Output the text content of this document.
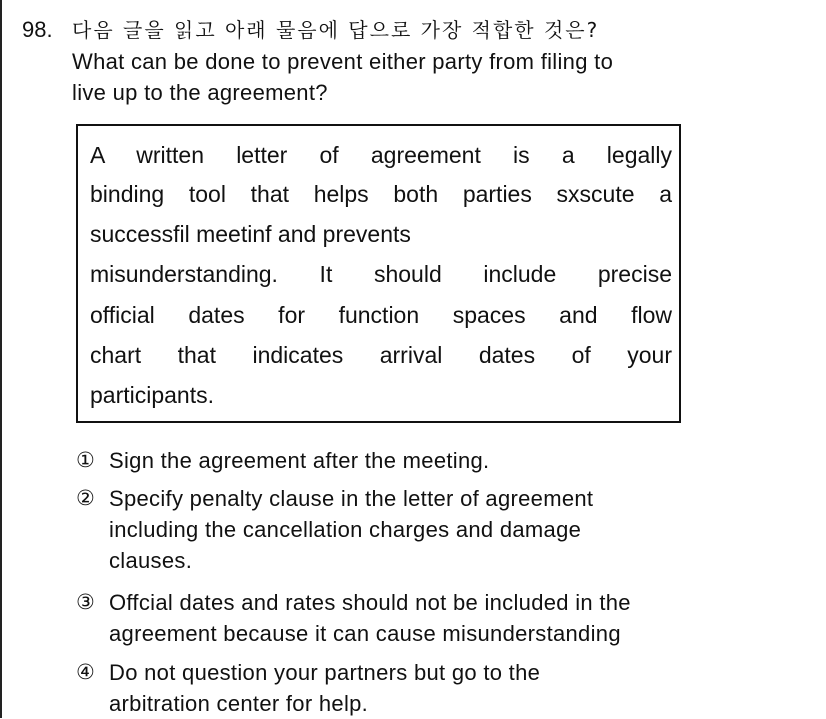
98. 다음 글을 읽고 아래 물음에 답으로 가장 적합한 것은?
What can be done to prevent either party from filing to
live up to the agreement?
A written letter of agreement is a legally
binding tool that helps both parties sxscute a
successfil meetinf and prevents
misunderstanding. It should include precise
official dates for function spaces and flow
chart that indicates arrival dates of your
participants.
① Sign the agreement after the meeting.
② Specify penalty clause in the letter of agreement
including the cancellation charges and damage
clauses.
③ Offcial dates and rates should not be included in the
agreement because it can cause misunderstanding
④ Do not question your partners but go to the
arbitration center for help.
